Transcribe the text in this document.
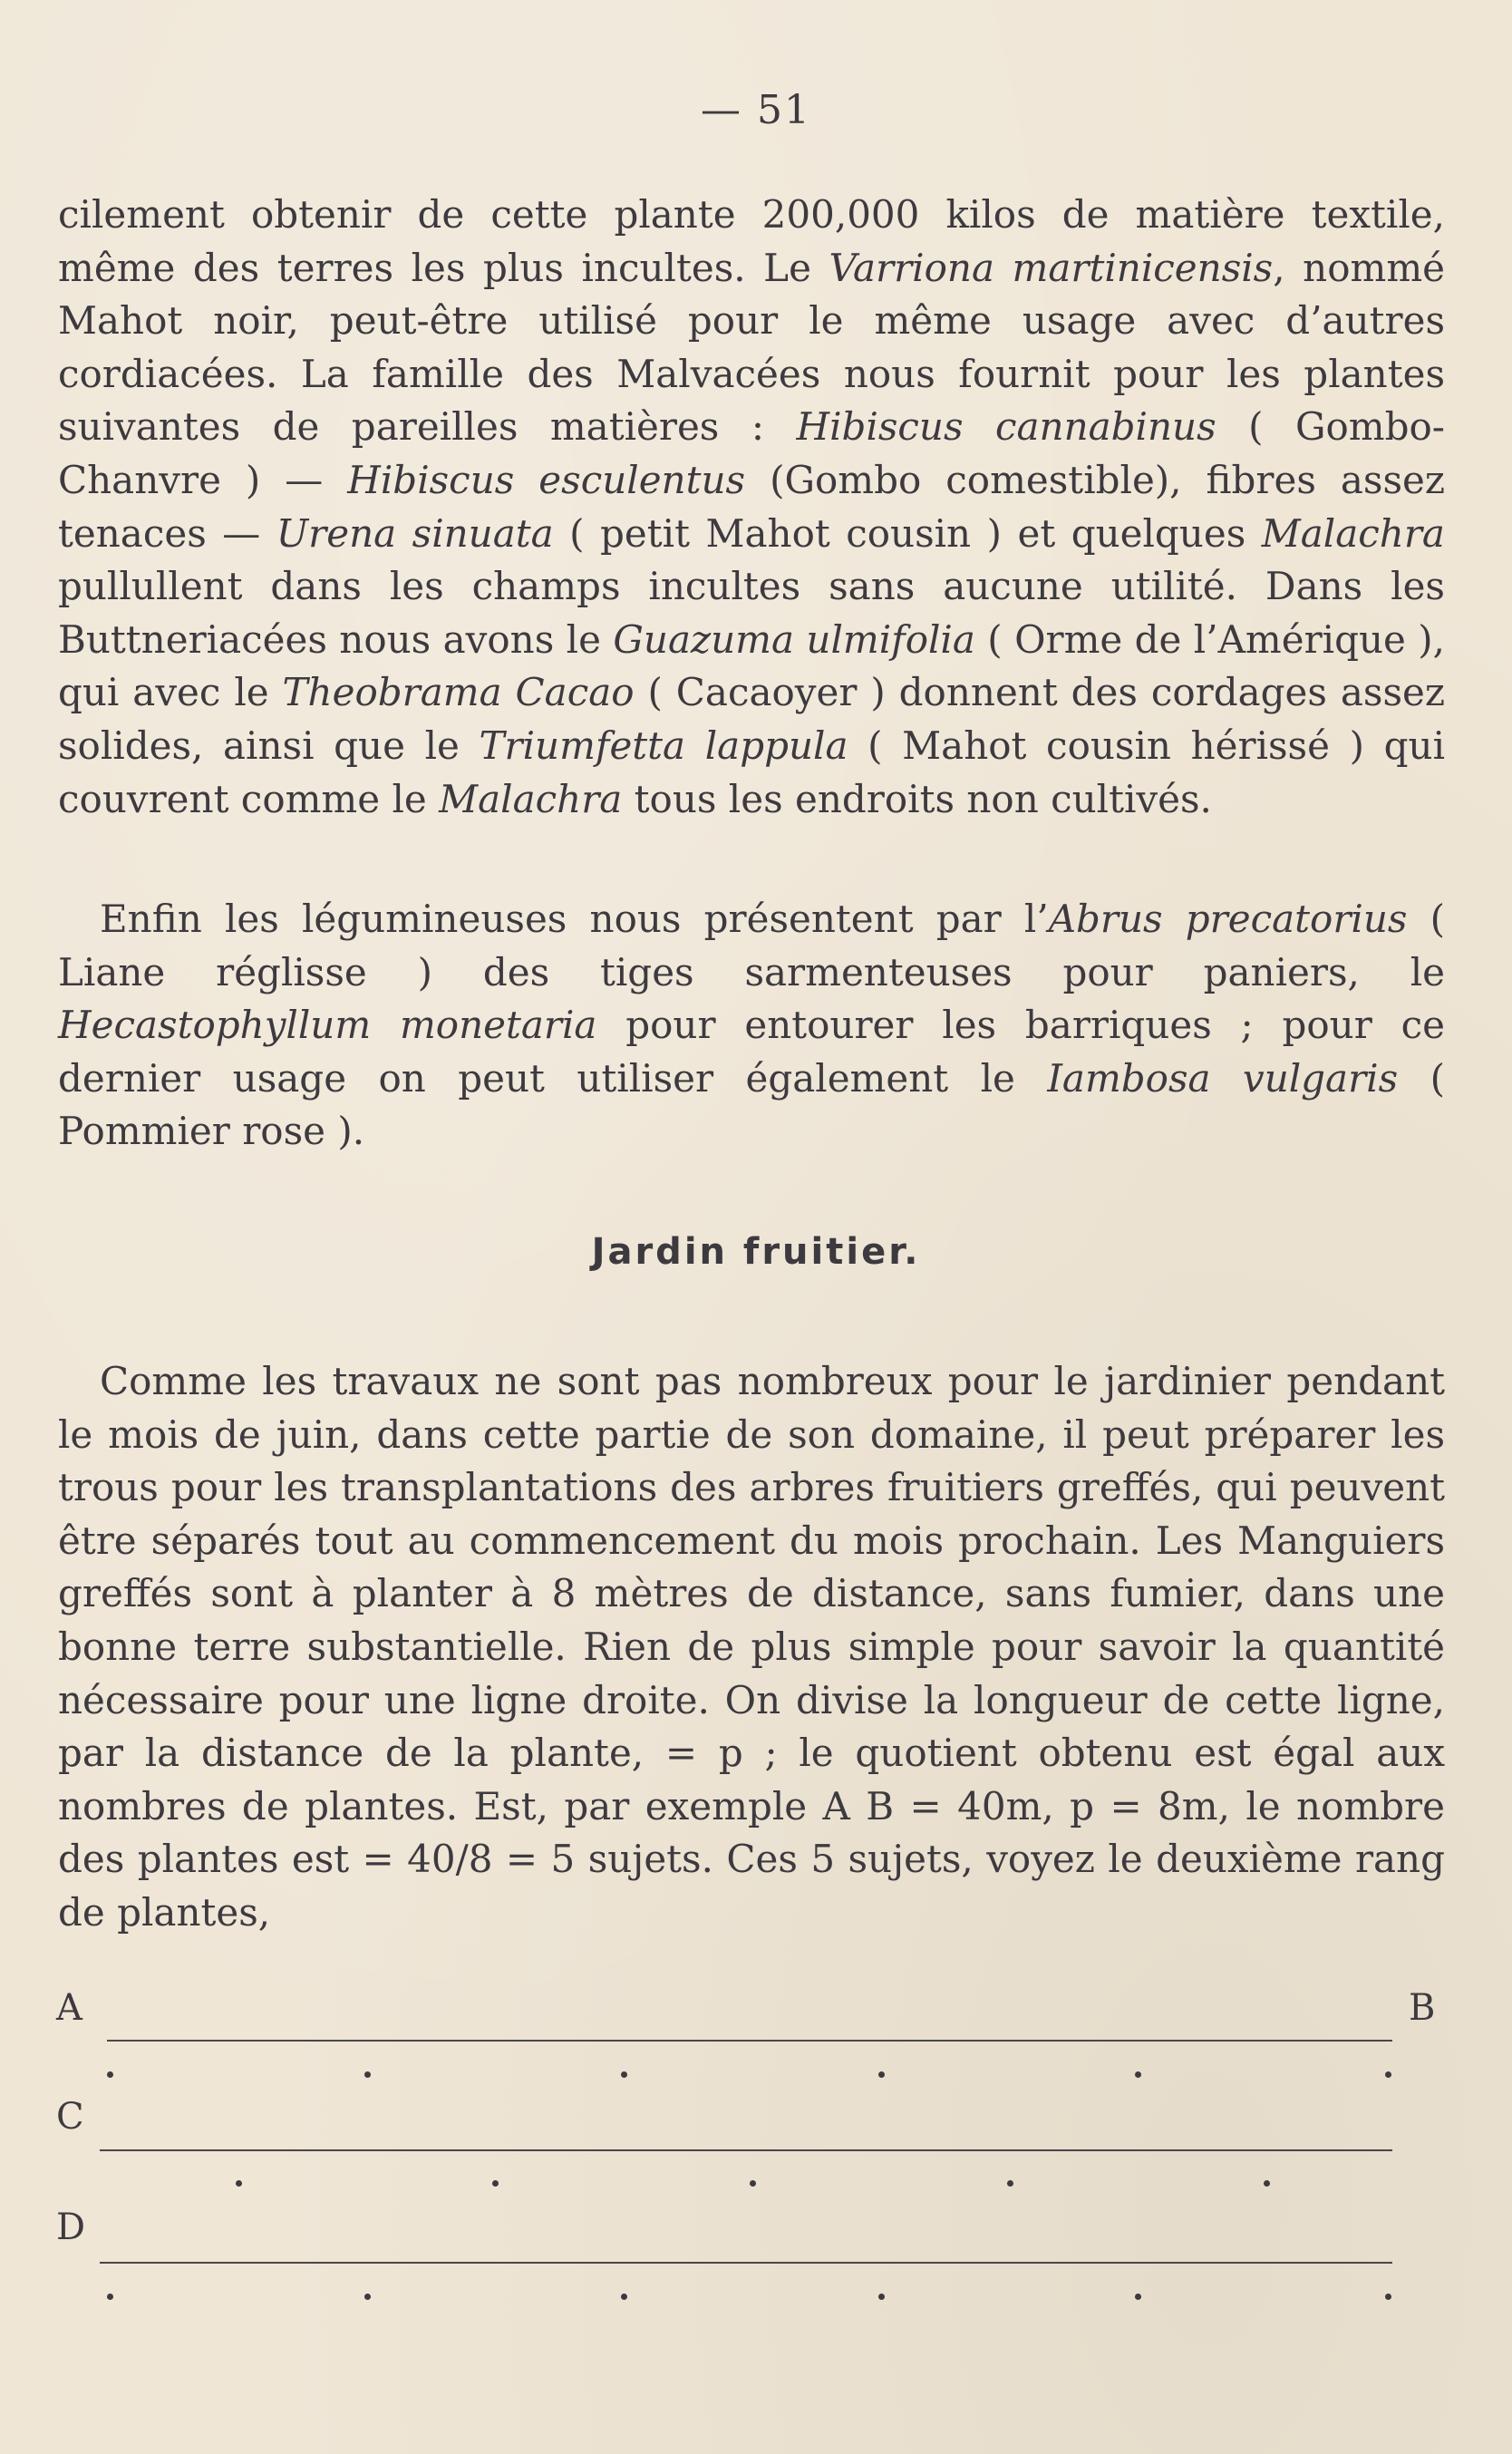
— 51

cilement obtenir de cette plante 200,000 kilos de matière textile, même des terres les plus incultes. Le Varriona martinicensis, nommé Mahot noir, peut-être utilisé pour le même usage avec d’autres cordiacées. La famille des Malvacées nous fournit pour les plantes suivantes de pareilles matières : Hibiscus cannabinus ( Gombo-Chanvre ) — Hibiscus esculentus (Gombo comestible), fibres assez tenaces — Urena sinuata ( petit Mahot cousin ) et quelques Malachra pullullent dans les champs incultes sans aucune utilité. Dans les Buttneriacées nous avons le Guazuma ulmifolia ( Orme de l’Amérique ), qui avec le Theobrama Cacao ( Cacaoyer ) donnent des cordages assez solides, ainsi que le Triumfetta lappula ( Mahot cousin hérissé ) qui couvrent comme le Malachra tous les endroits non cultivés.

Enfin les légumineuses nous présentent par l’Abrus precatorius ( Liane réglisse ) des tiges sarmenteuses pour paniers, le Hecastophyllum monetaria pour entourer les barriques ; pour ce dernier usage on peut utiliser également le Iambosa vulgaris ( Pommier rose ).

Jardin fruitier.

Comme les travaux ne sont pas nombreux pour le jardinier pendant le mois de juin, dans cette partie de son domaine, il peut préparer les trous pour les transplantations des arbres fruitiers greffés, qui peuvent être séparés tout au commencement du mois prochain. Les Manguiers greffés sont à planter à 8 mètres de distance, sans fumier, dans une bonne terre substantielle. Rien de plus simple pour savoir la quantité nécessaire pour une ligne droite. On divise la longueur de cette ligne, par la distance de la plante, = p ; le quotient obtenu est égal aux nombres de plantes. Est, par exemple A B = 40m, p = 8m, le nombre des plantes est = 40/8 = 5 sujets. Ces 5 sujets, voyez le deuxième rang de plantes,

A	B
C
D
